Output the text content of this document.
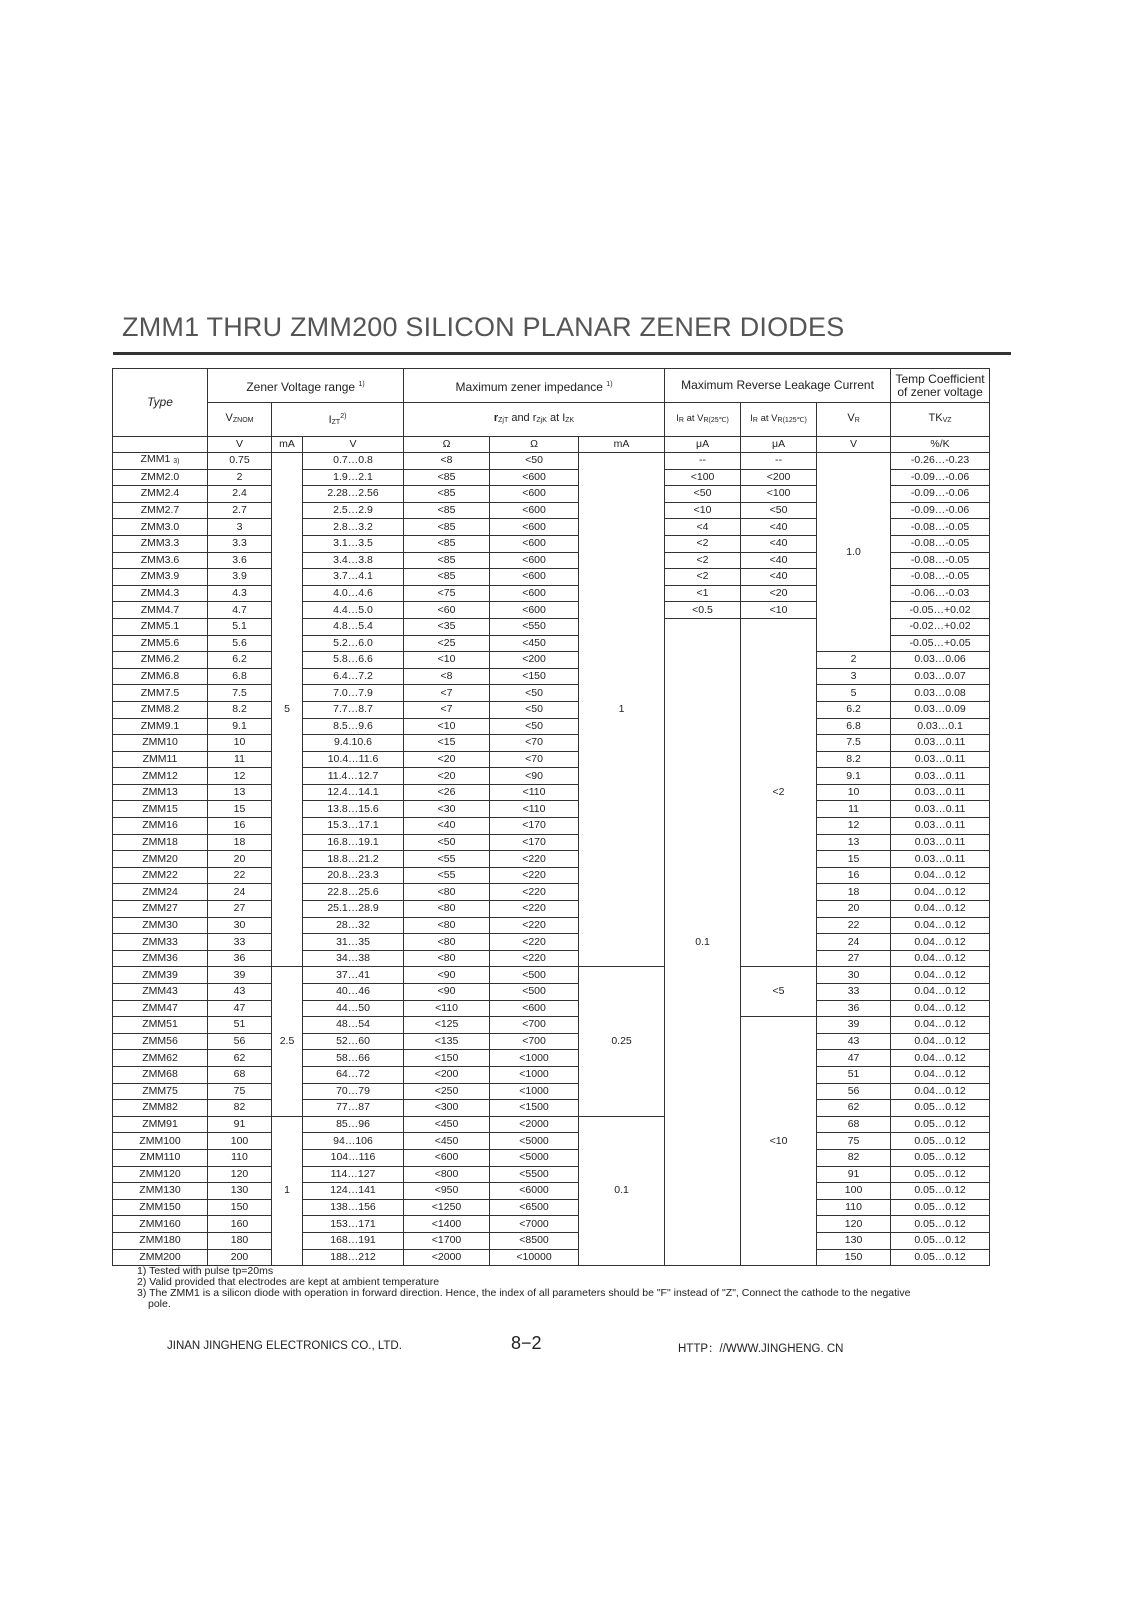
ZMM1 THRU ZMM200 SILICON PLANAR ZENER DIODES
Type	Zener Voltage range $^{1)}$			Maximum zener impedance $^{1)}$			Maximum Reverse Leakage Current			Temp Coefficient of zener voltage
	VZNOM	IZT$^{2)}$		rZjT and rZjK at IZK			IR at VR(25℃)	IR at VR(125℃)	VR	TKVZ
	V	mA	V	Ω	Ω	mA	μA	μA	V	%/K
ZMM1 3)	0.75	5	0.7…0.8	<8	<50	1	--	--	1.0	-0.26…-0.23
ZMM2.0	2		1.9…2.1	<85	<600		<100	<200		-0.09…-0.06
ZMM2.4	2.4		2.28…2.56	<85	<600		<50	<100		-0.09…-0.06
ZMM2.7	2.7		2.5…2.9	<85	<600		<10	<50		-0.09…-0.06
ZMM3.0	3		2.8…3.2	<85	<600		<4	<40		-0.08…-0.05
ZMM3.3	3.3		3.1…3.5	<85	<600		<2	<40		-0.08…-0.05
ZMM3.6	3.6		3.4…3.8	<85	<600		<2	<40		-0.08…-0.05
ZMM3.9	3.9		3.7…4.1	<85	<600		<2	<40		-0.08…-0.05
ZMM4.3	4.3		4.0…4.6	<75	<600		<1	<20		-0.06…-0.03
ZMM4.7	4.7		4.4…5.0	<60	<600		<0.5	<10		-0.05…+0.02
ZMM5.1	5.1		4.8…5.4	<35	<550		0.1	<2		-0.02…+0.02
ZMM5.6	5.6		5.2…6.0	<25	<450					-0.05…+0.05
ZMM6.2	6.2		5.8…6.6	<10	<200				2	0.03…0.06
ZMM6.8	6.8		6.4…7.2	<8	<150				3	0.03…0.07
ZMM7.5	7.5		7.0…7.9	<7	<50				5	0.03…0.08
ZMM8.2	8.2		7.7…8.7	<7	<50				6.2	0.03…0.09
ZMM9.1	9.1		8.5…9.6	<10	<50				6.8	0.03…0.1
ZMM10	10		9.4.10.6	<15	<70				7.5	0.03…0.11
ZMM11	11		10.4…11.6	<20	<70				8.2	0.03…0.11
ZMM12	12		11.4…12.7	<20	<90				9.1	0.03…0.11
ZMM13	13		12.4…14.1	<26	<110				10	0.03…0.11
ZMM15	15		13.8…15.6	<30	<110				11	0.03…0.11
ZMM16	16		15.3…17.1	<40	<170				12	0.03…0.11
ZMM18	18		16.8…19.1	<50	<170				13	0.03…0.11
ZMM20	20		18.8…21.2	<55	<220				15	0.03…0.11
ZMM22	22		20.8…23.3	<55	<220				16	0.04…0.12
ZMM24	24		22.8…25.6	<80	<220				18	0.04…0.12
ZMM27	27		25.1…28.9	<80	<220				20	0.04…0.12
ZMM30	30		28…32	<80	<220				22	0.04…0.12
ZMM33	33		31…35	<80	<220				24	0.04…0.12
ZMM36	36		34…38	<80	<220				27	0.04…0.12
ZMM39	39	2.5	37…41	<90	<500	0.25		<5	30	0.04…0.12
ZMM43	43		40…46	<90	<500				33	0.04…0.12
ZMM47	47		44…50	<110	<600				36	0.04…0.12
ZMM51	51		48…54	<125	<700			<10	39	0.04…0.12
ZMM56	56		52…60	<135	<700				43	0.04…0.12
ZMM62	62		58…66	<150	<1000				47	0.04…0.12
ZMM68	68		64…72	<200	<1000				51	0.04…0.12
ZMM75	75		70…79	<250	<1000				56	0.04…0.12
ZMM82	82		77…87	<300	<1500				62	0.05…0.12
ZMM91	91	1	85…96	<450	<2000	0.1			68	0.05…0.12
ZMM100	100		94…106	<450	<5000				75	0.05…0.12
ZMM110	110		104…116	<600	<5000				82	0.05…0.12
ZMM120	120		114…127	<800	<5500				91	0.05…0.12
ZMM130	130		124…141	<950	<6000				100	0.05…0.12
ZMM150	150		138…156	<1250	<6500				110	0.05…0.12
ZMM160	160		153…171	<1400	<7000				120	0.05…0.12
ZMM180	180		168…191	<1700	<8500				130	0.05…0.12
ZMM200	200		188…212	<2000	<10000				150	0.05…0.12

1) Tested with pulse tp=20ms

2) Valid provided that electrodes are kept at ambient temperature

3) The ZMM1 is a silicon diode with operation in forward direction. Hence, the index of all parameters should be "F" instead of "Z", Connect the cathode to the negative

pole.

JINAN JINGHENG ELECTRONICS CO., LTD.	8−2	HTTP：//WWW.JINGHENG. CN
